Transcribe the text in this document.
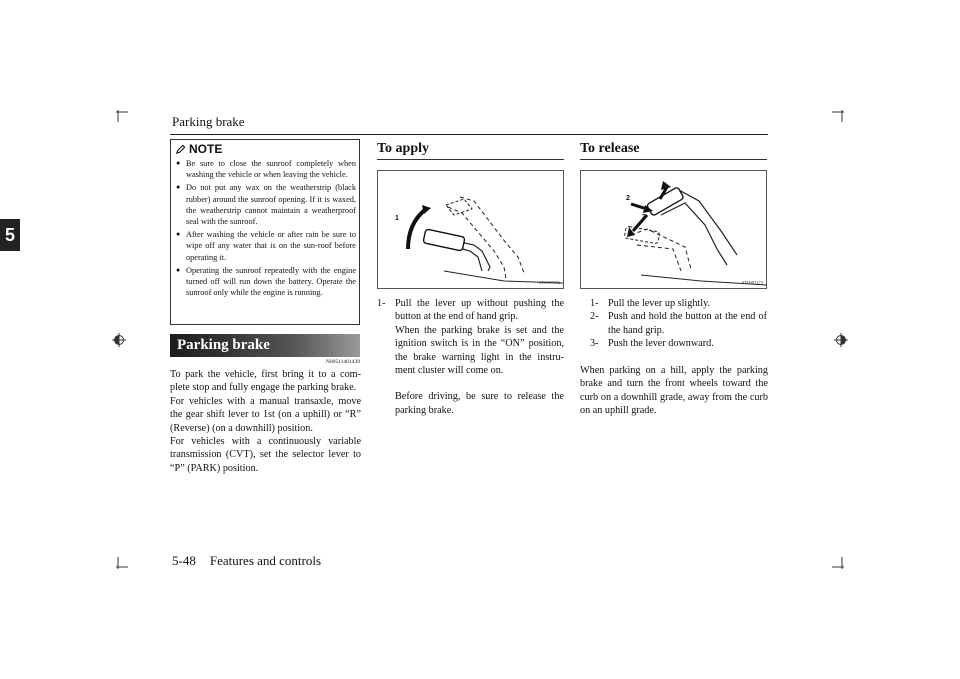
Parking brake
5
NOTE
● Be sure to close the sunroof completely when washing the vehicle or when leaving the vehicle.
● Do not put any wax on the weatherstrip (black rubber) around the sunroof opening. If it is waxed, the weatherstrip cannot maintain a weatherproof seal with the sunroof.
● After washing the vehicle or after rain be sure to wipe off any water that is on the sun-roof before operating it.
● Operating the sunroof repeatedly with the engine turned off will run down the battery. Operate the sunroof only while the engine is running.
Parking brake
N00511401439
To park the vehicle, first bring it to a com-plete stop and fully engage the parking brake.
For vehicles with a manual transaxle, move the gear shift lever to 1st (on a uphill) or “R” (Reverse) (on a downhill) position.
For vehicles with a continuously variable transmission (CVT), set the selector lever to “P” (PARK) position.
To apply
1
AF0007282
1- Pull the lever up without pushing the button at the end of hand grip.

When the parking brake is set and the ignition switch is in the “ON” position, the brake warning light in the instru-ment cluster will come on.

Before driving, be sure to release the parking brake.

To release
1
2
3
AF0007273
1- Pull the lever up slightly.

2- Push and hold the button at the end of the hand grip.

3- Push the lever downward.

When parking on a hill, apply the parking brake and turn the front wheels toward the curb on a downhill grade, away from the curb on an uphill grade.
5-48 Features and controls
